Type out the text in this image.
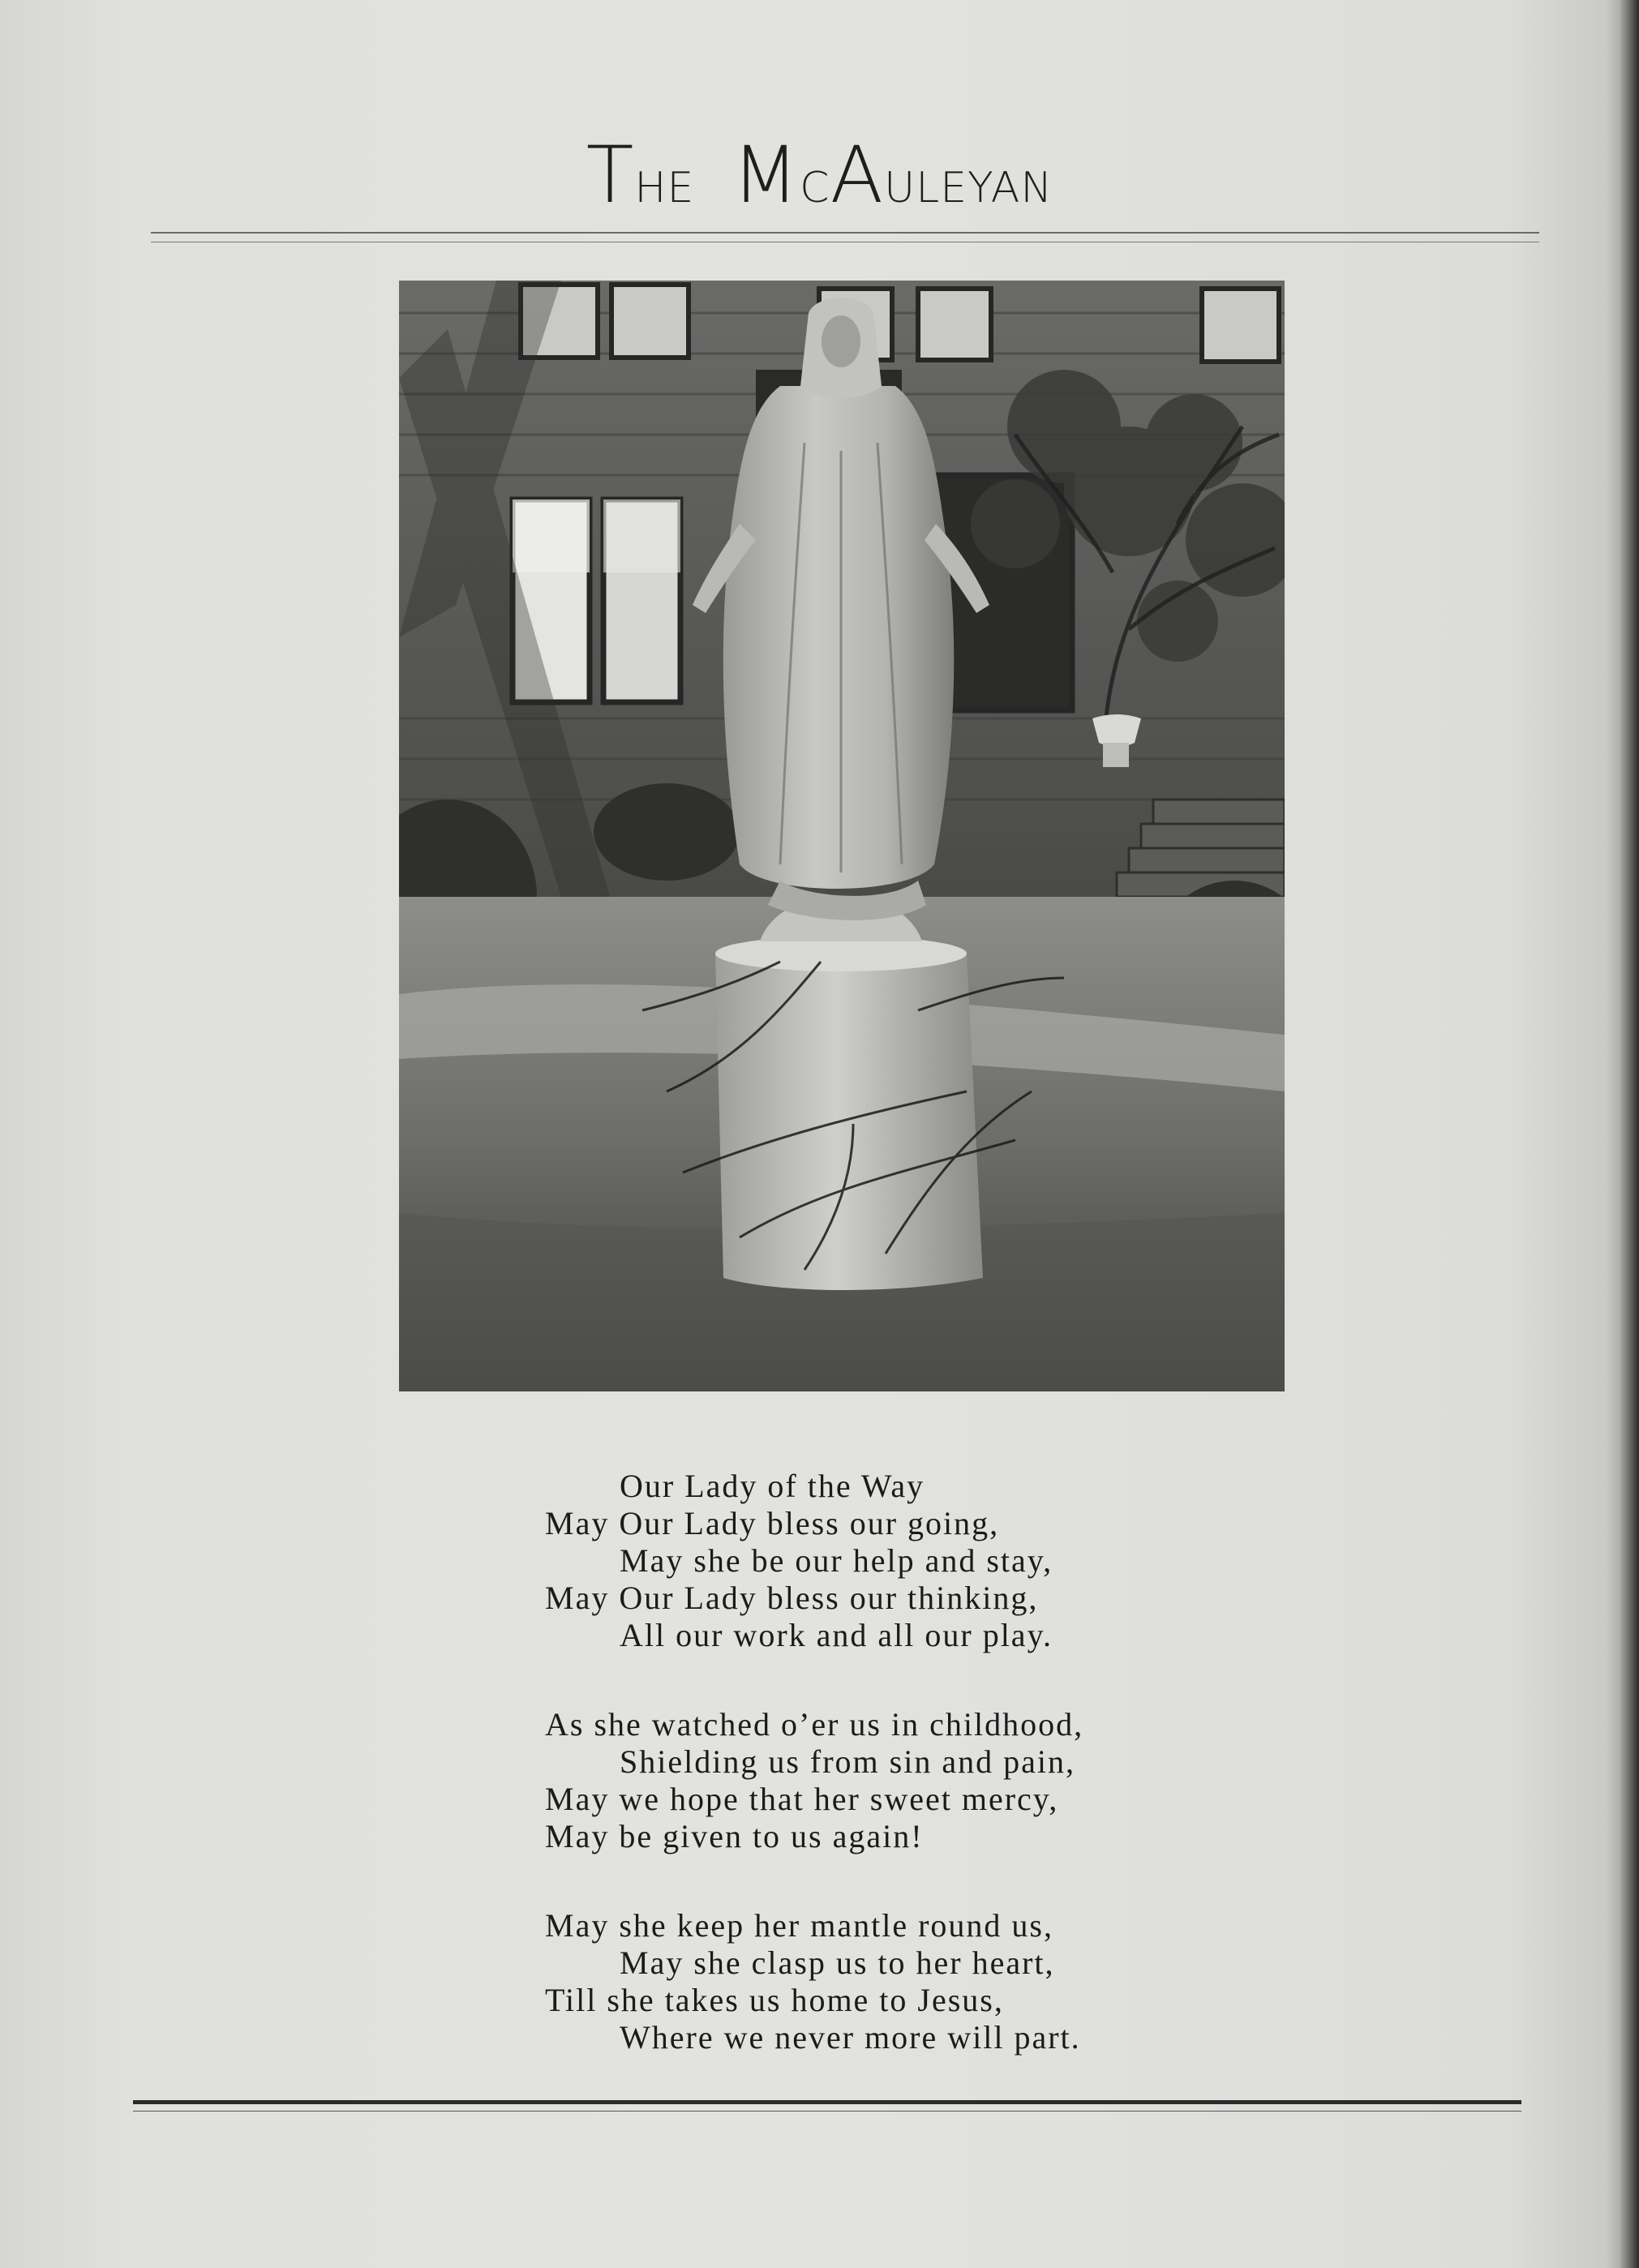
THE MCAULEYAN
Our Lady of the Way
May Our Lady bless our going,
May she be our help and stay,
May Our Lady bless our thinking,
All our work and all our play.
As she watched o’er us in childhood,
Shielding us from sin and pain,
May we hope that her sweet mercy,
May be given to us again!
May she keep her mantle round us,
May she clasp us to her heart,
Till she takes us home to Jesus,
Where we never more will part.
